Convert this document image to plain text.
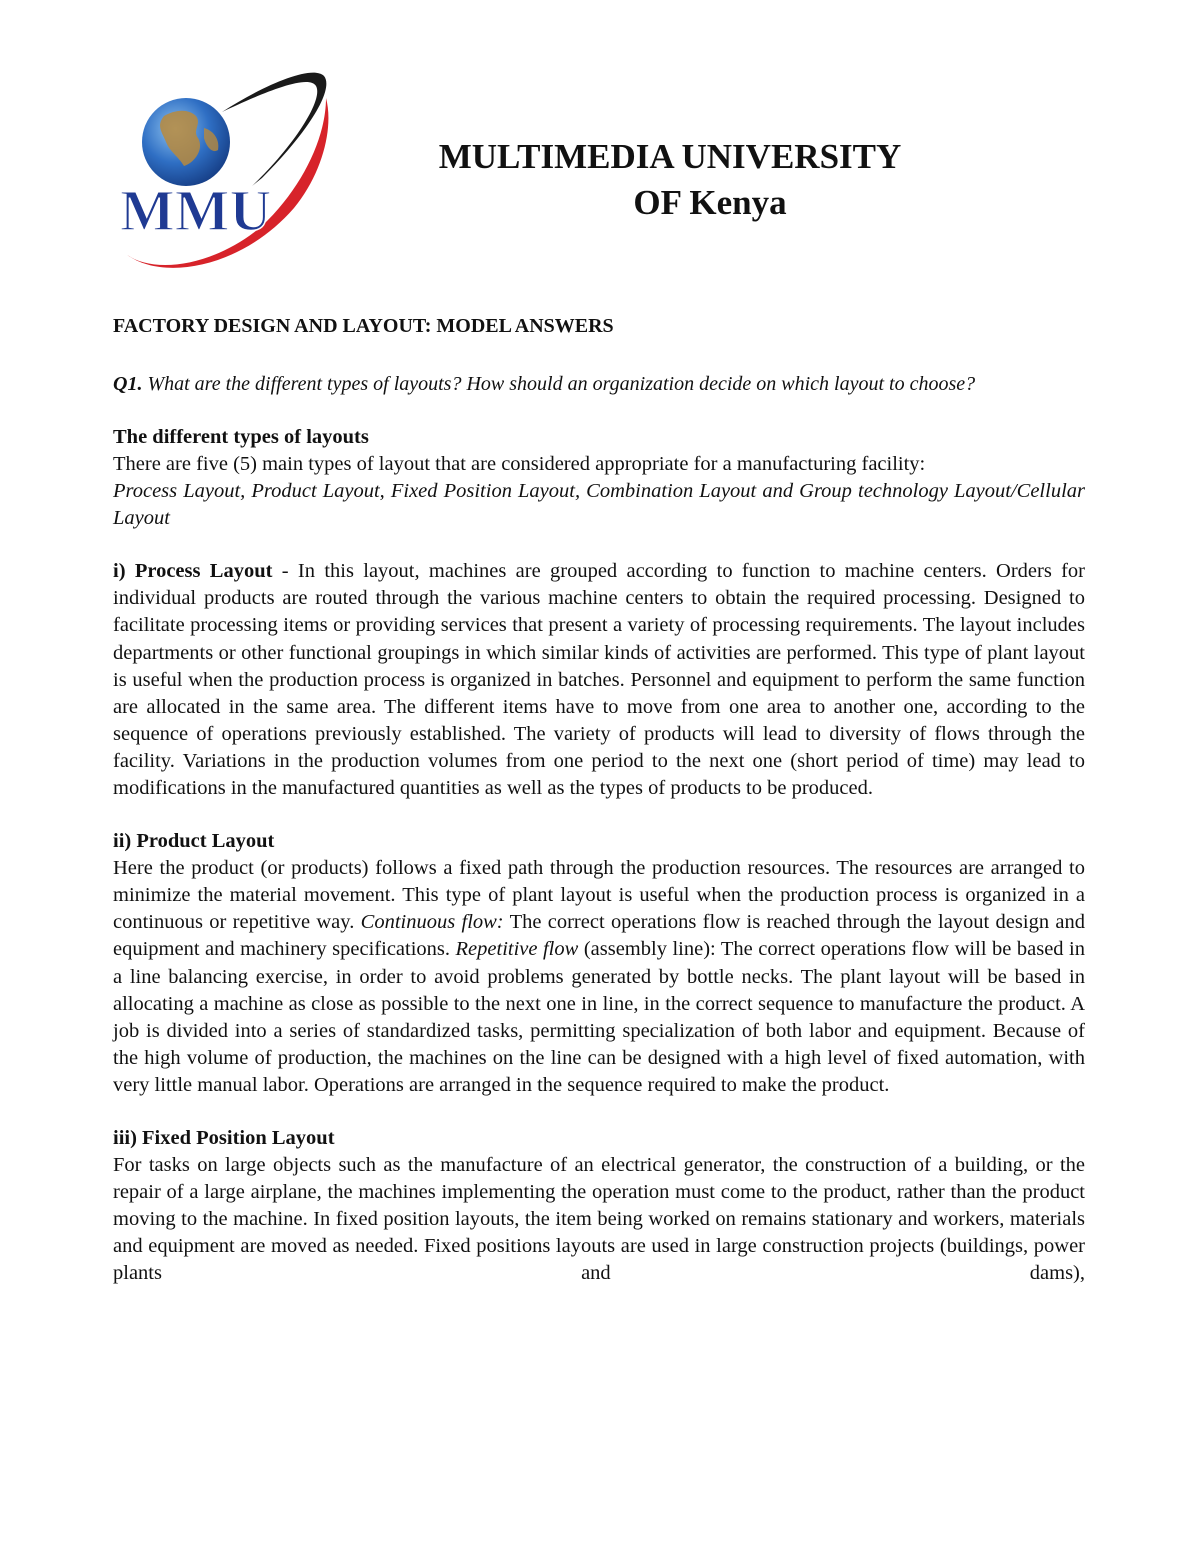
MMU
MULTIMEDIA UNIVERSITY
OF Kenya
FACTORY DESIGN AND LAYOUT: MODEL ANSWERS

Q1. What are the different types of layouts? How should an organization decide on which layout to choose?

The different types of layouts

There are five (5) main types of layout that are considered appropriate for a manufacturing facility:

Process Layout, Product Layout, Fixed Position Layout, Combination Layout and Group technology Layout/Cellular Layout

i) Process Layout - In this layout, machines are grouped according to function to machine centers. Orders for individual products are routed through the various machine centers to obtain the required processing. Designed to facilitate processing items or providing services that present a variety of processing requirements. The layout includes departments or other functional groupings in which similar kinds of activities are performed. This type of plant layout is useful when the production process is organized in batches. Personnel and equipment to perform the same function are allocated in the same area. The different items have to move from one area to another one, according to the sequence of operations previously established. The variety of products will lead to diversity of flows through the facility. Variations in the production volumes from one period to the next one (short period of time) may lead to modifications in the manufactured quantities as well as the types of products to be produced.

ii) Product Layout

Here the product (or products) follows a fixed path through the production resources. The resources are arranged to minimize the material movement. This type of plant layout is useful when the production process is organized in a continuous or repetitive way. Continuous flow: The correct operations flow is reached through the layout design and equipment and machinery specifications. Repetitive flow (assembly line): The correct operations flow will be based in a line balancing exercise, in order to avoid problems generated by bottle necks. The plant layout will be based in allocating a machine as close as possible to the next one in line, in the correct sequence to manufacture the product. A job is divided into a series of standardized tasks, permitting specialization of both labor and equipment. Because of the high volume of production, the machines on the line can be designed with a high level of fixed automation, with very little manual labor. Operations are arranged in the sequence required to make the product.

iii) Fixed Position Layout

For tasks on large objects such as the manufacture of an electrical generator, the construction of a building, or the repair of a large airplane, the machines implementing the operation must come to the product, rather than the product moving to the machine. In fixed position layouts, the item being worked on remains stationary and workers, materials and equipment are moved as needed. Fixed positions layouts are used in large construction projects (buildings, power plants and dams),
